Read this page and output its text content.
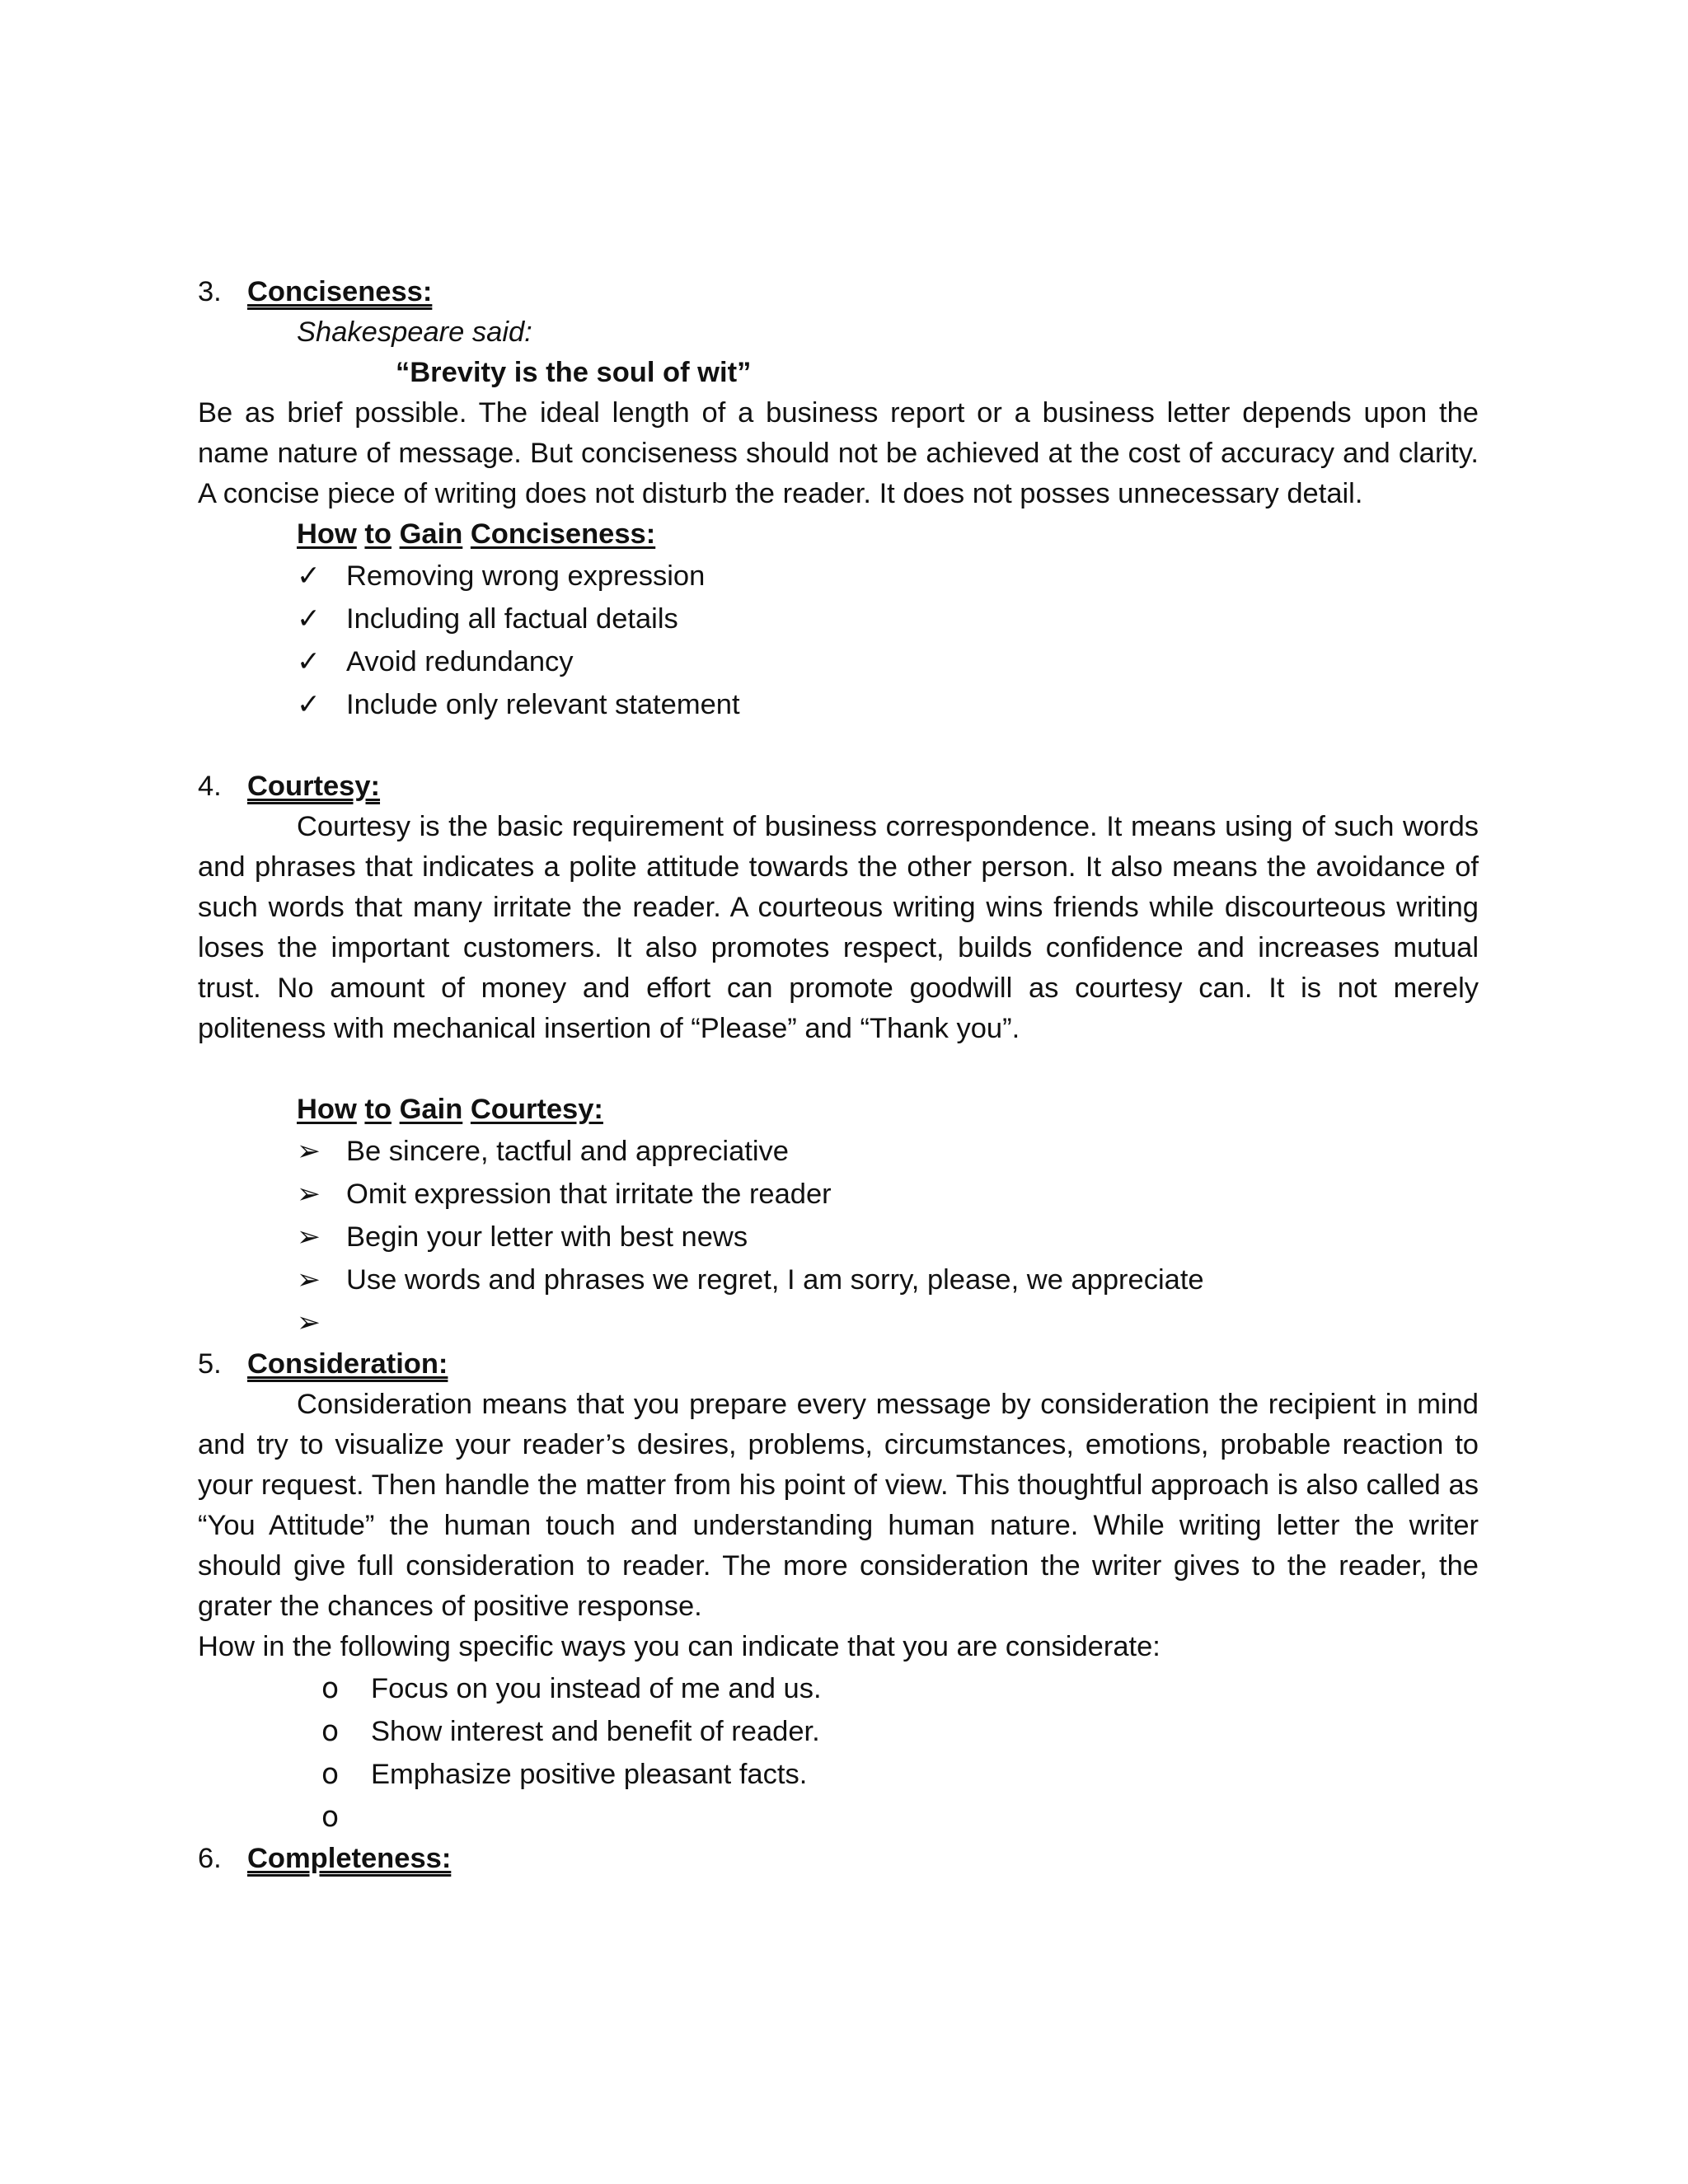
3. Conciseness:
Shakespeare said:
“Brevity is the soul of wit”
Be as brief possible. The ideal length of a business report or a business letter depends upon the name nature of message. But conciseness should not be achieved at the cost of accuracy and clarity. A concise piece of writing does not disturb the reader. It does not posses unnecessary detail.
How to Gain Conciseness:
✓ Removing wrong expression
✓ Including all factual details
✓ Avoid redundancy
✓ Include only relevant statement
4. Courtesy:
Courtesy is the basic requirement of business correspondence. It means using of such words and phrases that indicates a polite attitude towards the other person. It also means the avoidance of such words that many irritate the reader. A courteous writing wins friends while discourteous writing loses the important customers. It also promotes respect, builds confidence and increases mutual trust. No amount of money and effort can promote goodwill as courtesy can. It is not merely politeness with mechanical insertion of “Please” and “Thank you”.
How to Gain Courtesy:
➢ Be sincere, tactful and appreciative
➢ Omit expression that irritate the reader
➢ Begin your letter with best news
➢ Use words and phrases we regret, I am sorry, please, we appreciate
➢
5. Consideration:
Consideration means that you prepare every message by consideration the recipient in mind and try to visualize your reader’s desires, problems, circumstances, emotions, probable reaction to your request. Then handle the matter from his point of view. This thoughtful approach is also called as “You Attitude” the human touch and understanding human nature. While writing letter the writer should give full consideration to reader. The more consideration the writer gives to the reader, the grater the chances of positive response.
How in the following specific ways you can indicate that you are considerate:
o Focus on you instead of me and us.
o Show interest and benefit of reader.
o Emphasize positive pleasant facts.
o
6. Completeness:
